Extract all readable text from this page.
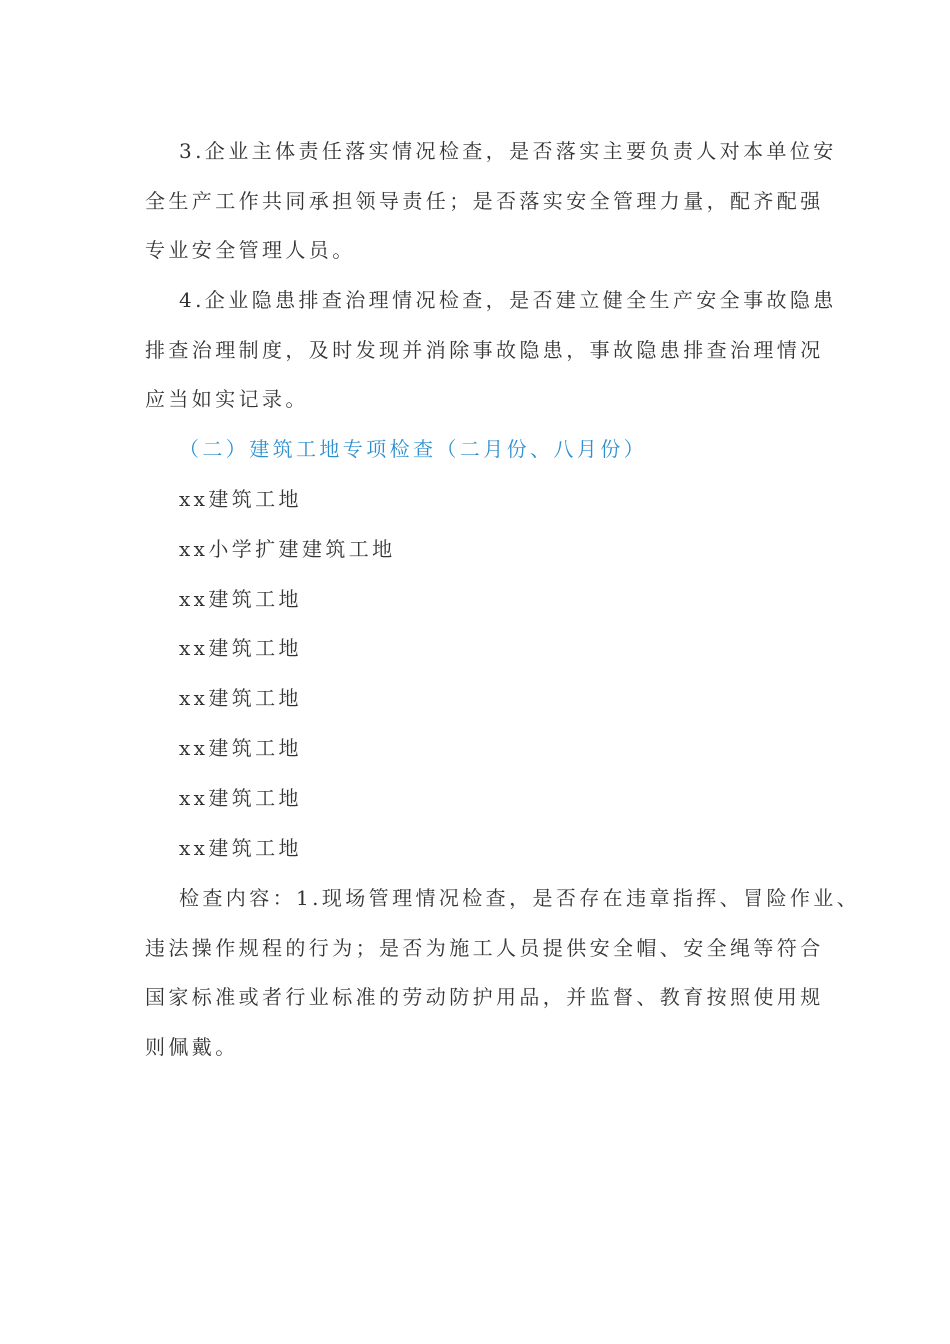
3.企业主体责任落实情况检查，是否落实主要负责人对本单位安
全生产工作共同承担领导责任；是否落实安全管理力量，配齐配强
专业安全管理人员。
4.企业隐患排查治理情况检查，是否建立健全生产安全事故隐患
排查治理制度，及时发现并消除事故隐患，事故隐患排查治理情况
应当如实记录。

（二）建筑工地专项检查（二月份、八月份）

xx建筑工地
xx小学扩建建筑工地
xx建筑工地
xx建筑工地
xx建筑工地
xx建筑工地
xx建筑工地
xx建筑工地
检查内容：1.现场管理情况检查，是否存在违章指挥、冒险作业、
违法操作规程的行为；是否为施工人员提供安全帽、安全绳等符合
国家标准或者行业标准的劳动防护用品，并监督、教育按照使用规
则佩戴。
